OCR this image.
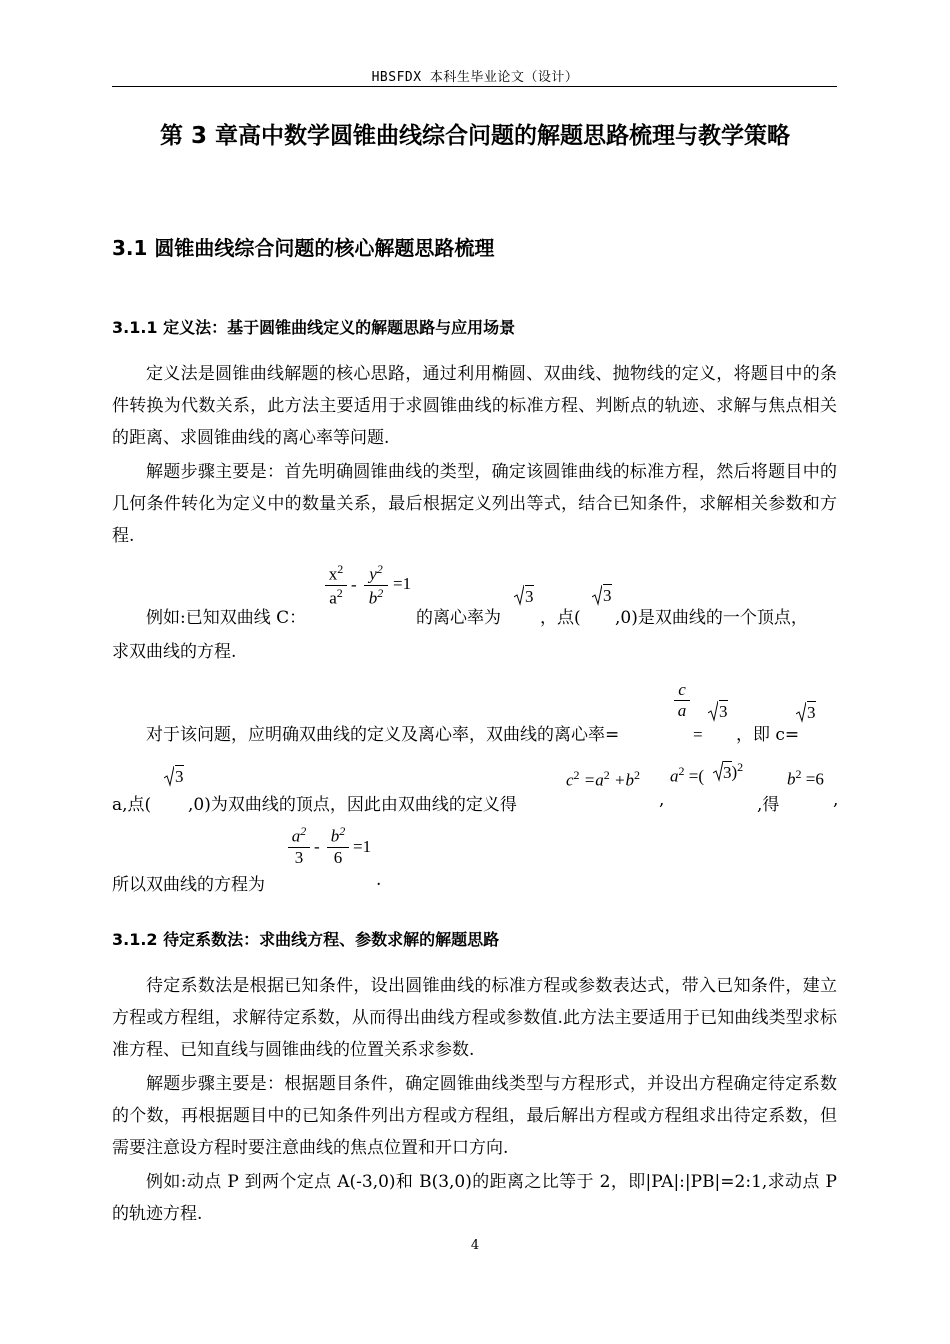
HBSFDX 本科生毕业论文（设计）
第 3 章高中数学圆锥曲线综合问题的解题思路梳理与教学策略
3.1 圆锥曲线综合问题的核心解题思路梳理
3.1.1 定义法：基于圆锥曲线定义的解题思路与应用场景
定义法是圆锥曲线解题的核心思路，通过利用椭圆、双曲线、抛物线的定义，将题目中的条件转换为代数关系，此方法主要适用于求圆锥曲线的标准方程、判断点的轨迹、求解与焦点相关的距离、求圆锥曲线的离心率等问题.
解题步骤主要是：首先明确圆锥曲线的类型，确定该圆锥曲线的标准方程，然后将题目中的几何条件转化为定义中的数量关系，最后根据定义列出等式，结合已知条件，求解相关参数和方程.
例如:已知双曲线 C：
$\frac{x^2}{a^2} - \frac{y^2}{b^2} =1$
的离心率为
3
，点(
3
,0)是双曲线的一个顶点，
求双曲线的方程.
对于该问题，应明确双曲线的定义及离心率，双曲线的离心率=
$\frac{c}{a}$
=
3
，即 c=
3
a,点(
3
,0)为双曲线的顶点，因此由双曲线的定义得
$c^2 =a^2 +b^2$
,
$a^2$ =( 3)$^2$
,得
$b^2 =6$
,
$\frac{a^2}{3} - \frac{b^2}{6} =1$
所以双曲线的方程为	.
3.1.2 待定系数法：求曲线方程、参数求解的解题思路
待定系数法是根据已知条件，设出圆锥曲线的标准方程或参数表达式，带入已知条件，建立方程或方程组，求解待定系数，从而得出曲线方程或参数值.此方法主要适用于已知曲线类型求标准方程、已知直线与圆锥曲线的位置关系求参数.
解题步骤主要是：根据题目条件，确定圆锥曲线类型与方程形式，并设出方程确定待定系数的个数，再根据题目中的已知条件列出方程或方程组，最后解出方程或方程组求出待定系数，但需要注意设方程时要注意曲线的焦点位置和开口方向.
例如:动点 P 到两个定点 A(-3,0)和 B(3,0)的距离之比等于 2，即|PA|:|PB|=2:1,求动点 P 的轨迹方程.
4
